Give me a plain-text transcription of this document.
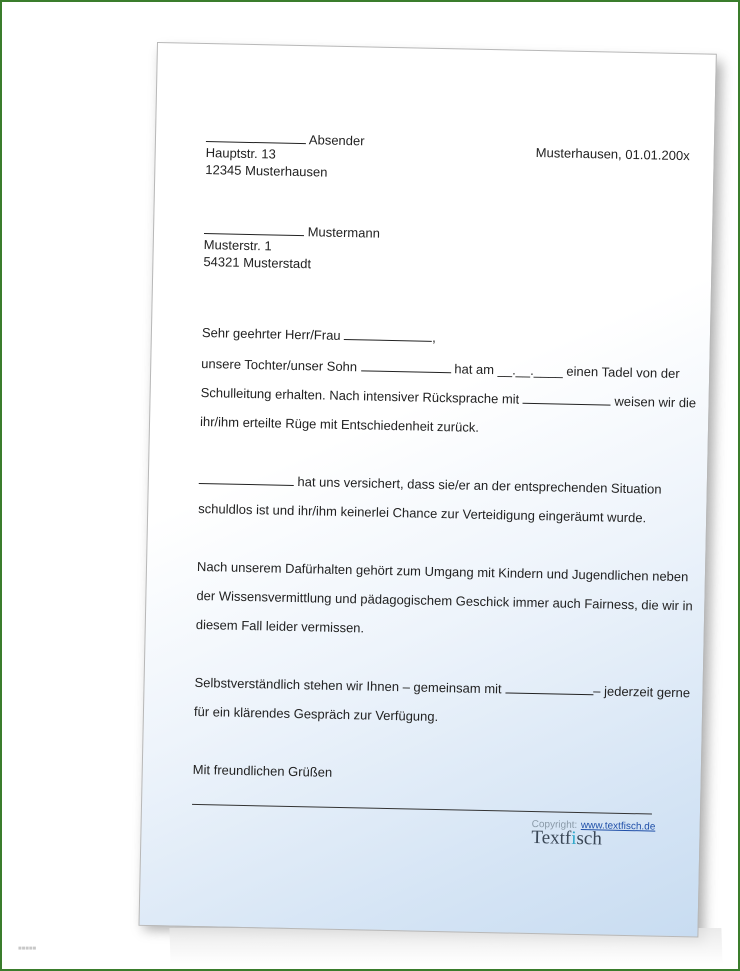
Absender
Hauptstr. 13
12345 Musterhausen
Musterhausen, 01.01.200x
Mustermann
Musterstr. 1
54321 Musterstadt
Sehr geehrter Herr/Frau	,
unsere Tochter/unser Sohn	hat am __.__.____ einen Tadel von der
Schulleitung erhalten. Nach intensiver Rücksprache mit	weisen wir die
ihr/ihm erteilte Rüge mit Entschiedenheit zurück.
hat uns versichert, dass sie/er an der entsprechenden Situation
schuldlos ist und ihr/ihm keinerlei Chance zur Verteidigung eingeräumt wurde.
Nach unserem Dafürhalten gehört zum Umgang mit Kindern und Jugendlichen neben
der Wissensvermittlung und pädagogischem Geschick immer auch Fairness, die wir in
diesem Fall leider vermissen.
Selbstverständlich stehen wir Ihnen – gemeinsam mit	– jederzeit gerne
für ein klärendes Gespräch zur Verfügung.
Mit freundlichen Grüßen
Copyright: www.textfisch.de
Textfisch
■■■■■
